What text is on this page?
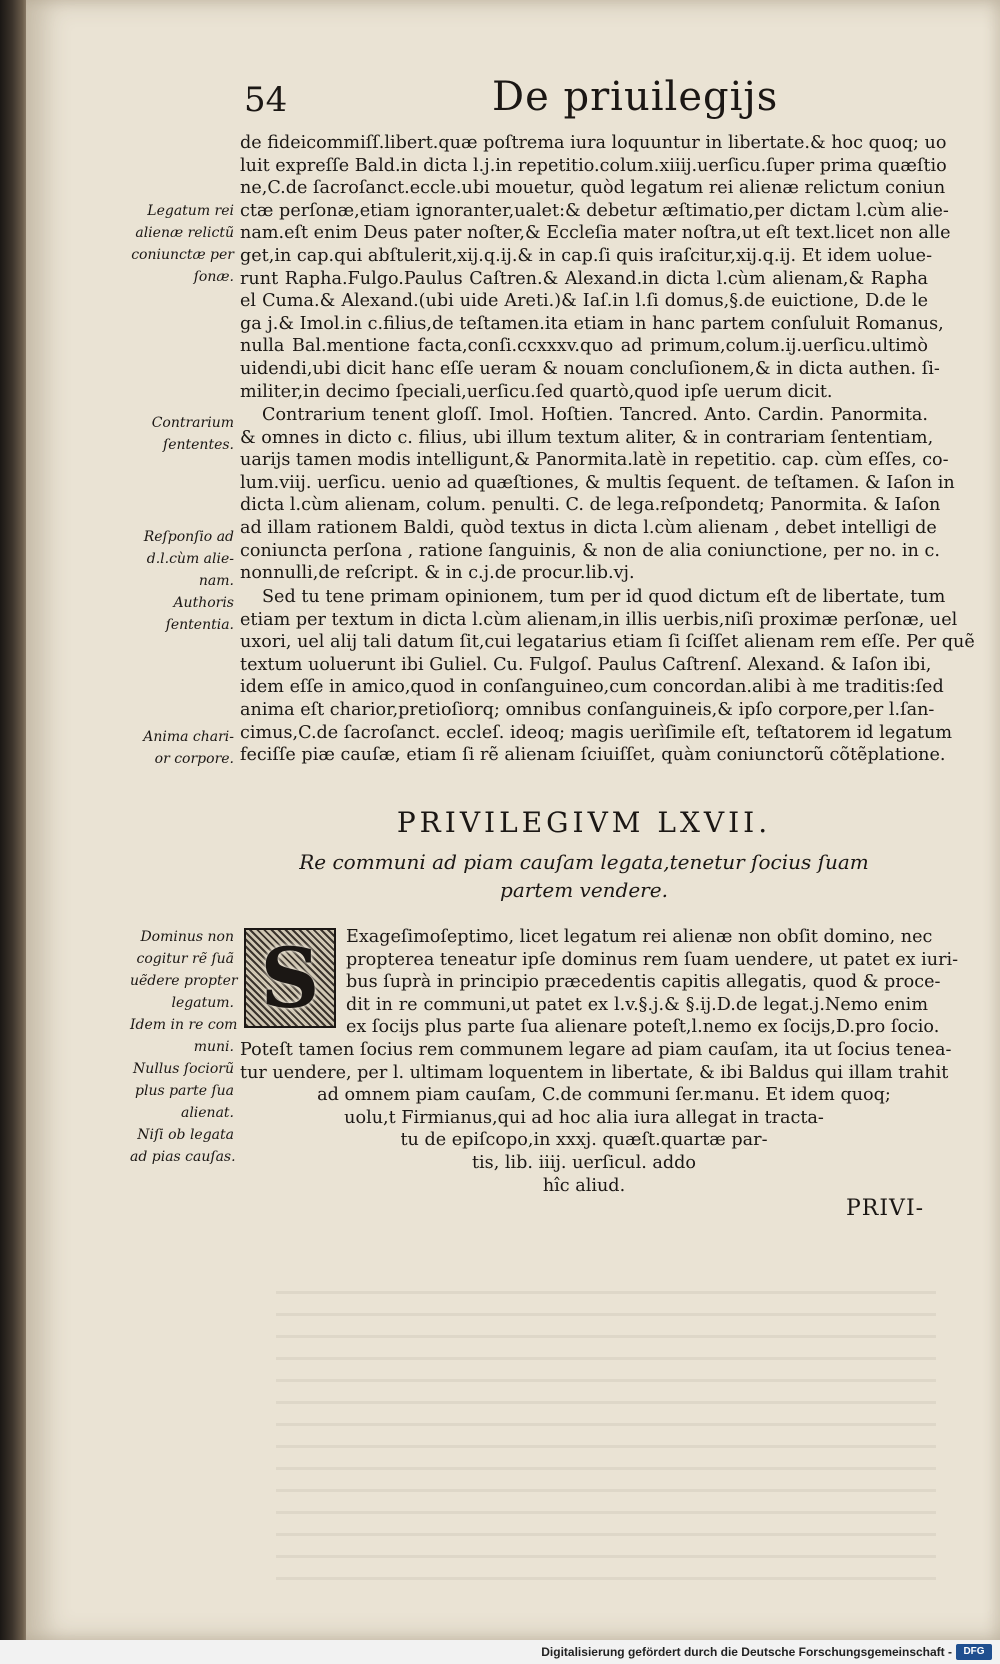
54	De priuilegijs
de fideicommiſſ.libert.quæ poſtrema iura loquuntur in libertate.& hoc quoq; uo
luit expreſſe Bald.in dicta l.j.in repetitio.colum.xiiij.uerſicu.ſuper prima quæſtio
ne,C.de ſacroſanct.eccle.ubi mouetur, quòd legatum rei alienæ relictum coniun
ctæ perſonæ,etiam ignoranter,ualet:& debetur æſtimatio,per dictam l.cùm alie-
nam.eſt enim Deus pater noſter,& Eccleſia mater noſtra,ut eſt text.licet non alle
get,in cap.qui abſtulerit,xij.q.ij.& in cap.ſi quis iraſcitur,xij.q.ij. Et idem uolue-
runt Rapha.Fulgo.Paulus Caſtren.& Alexand.in dicta l.cùm alienam,& Rapha
el Cuma.& Alexand.(ubi uide Areti.)& Iaſ.in l.ſi domus,§.de euictione, D.de le
ga j.& Imol.in c.filius,de teſtamen.ita etiam in hanc partem conſuluit Romanus,
nulla Bal.mentione facta,conſi.ccxxxv.quo ad primum,colum.ij.uerſicu.ultimò
uidendi,ubi dicit hanc eſſe ueram & nouam concluſionem,& in dicta authen. ſi-
militer,in decimo ſpeciali,uerſicu.ſed quartò,quod ipſe uerum dicit.
Contrarium tenent gloſſ. Imol. Hoſtien. Tancred. Anto. Cardin. Panormita.
& omnes in dicto c. filius, ubi illum textum aliter, & in contrariam ſententiam,
uarijs tamen modis intelligunt,& Panormita.latè in repetitio. cap. cùm eſſes, co-
lum.viij. uerſicu. uenio ad quæſtiones, & multis ſequent. de teſtamen. & Iaſon in
dicta l.cùm alienam, colum. penulti. C. de lega.reſpondetq; Panormita. & Iaſon
ad illam rationem Baldi, quòd textus in dicta l.cùm alienam , debet intelligi de
coniuncta perſona , ratione ſanguinis, & non de alia coniunctione, per no. in c.
nonnulli,de reſcript. & in c.j.de procur.lib.vj.
Sed tu tene primam opinionem, tum per id quod dictum eſt de libertate, tum
etiam per textum in dicta l.cùm alienam,in illis uerbis,niſi proximæ perſonæ, uel
uxori, uel alij tali datum ſit,cui legatarius etiam ſi ſciſſet alienam rem eſſe. Per quẽ
textum uoluerunt ibi Guliel. Cu. Fulgoſ. Paulus Caſtrenſ. Alexand. & Iaſon ibi,
idem eſſe in amico,quod in conſanguineo,cum concordan.alibi à me traditis:ſed
anima eſt charior,pretioſiorq; omnibus conſanguineis,& ipſo corpore,per l.ſan-
cimus,C.de ſacroſanct. eccleſ. ideoq; magis uerìſimile eſt, teſtatorem id legatum
feciſſe piæ cauſæ, etiam ſi rẽ alienam ſciuiſſet, quàm coniunctorũ cõtẽplatione.
PRIVILEGIVM LXVII.
Re communi ad piam cauſam legata,tenetur ſocius ſuam
partem vendere.
S	Exageſimoſeptimo, licet legatum rei alienæ non obſit domino, nec
propterea teneatur ipſe dominus rem ſuam uendere, ut patet ex iuri-
bus ſuprà in principio præcedentis capitis allegatis, quod & proce-
dit in re communi,ut patet ex l.v.§.j.& §.ij.D.de legat.j.Nemo enim
ex ſocijs plus parte ſua alienare poteſt,l.nemo ex ſocijs,D.pro ſocio.
Poteſt tamen ſocius rem communem legare ad piam cauſam, ita ut ſocius tenea-
tur uendere, per l. ultimam loquentem in libertate, & ibi Baldus qui illam trahit
ad omnem piam cauſam, C.de communi ſer.manu. Et idem quoq;
uolu,t Firmianus,qui ad hoc alia iura allegat in tracta-
tu de epiſcopo,in xxxj. quæſt.quartæ par-
tis, lib. iiij. uerſicul. addo
hîc aliud.
PRIVI-
Legatum rei
alienæ relictũ
coniunctæ per
ſonæ.
Contrarium
ſententes.
Reſponſio ad
d.l.cùm alie-
nam.
Authoris
ſententia.
Anima chari-
or corpore.
Dominus non
cogitur rẽ ſuã
uẽdere propter
legatum.
Idem in re com
muni.
Nullus ſociorũ
plus parte ſua
alienat.
Niſi ob legata
ad pias cauſas.
Digitalisierung gefördert durch die Deutsche Forschungsgemeinschaft -	DFG
